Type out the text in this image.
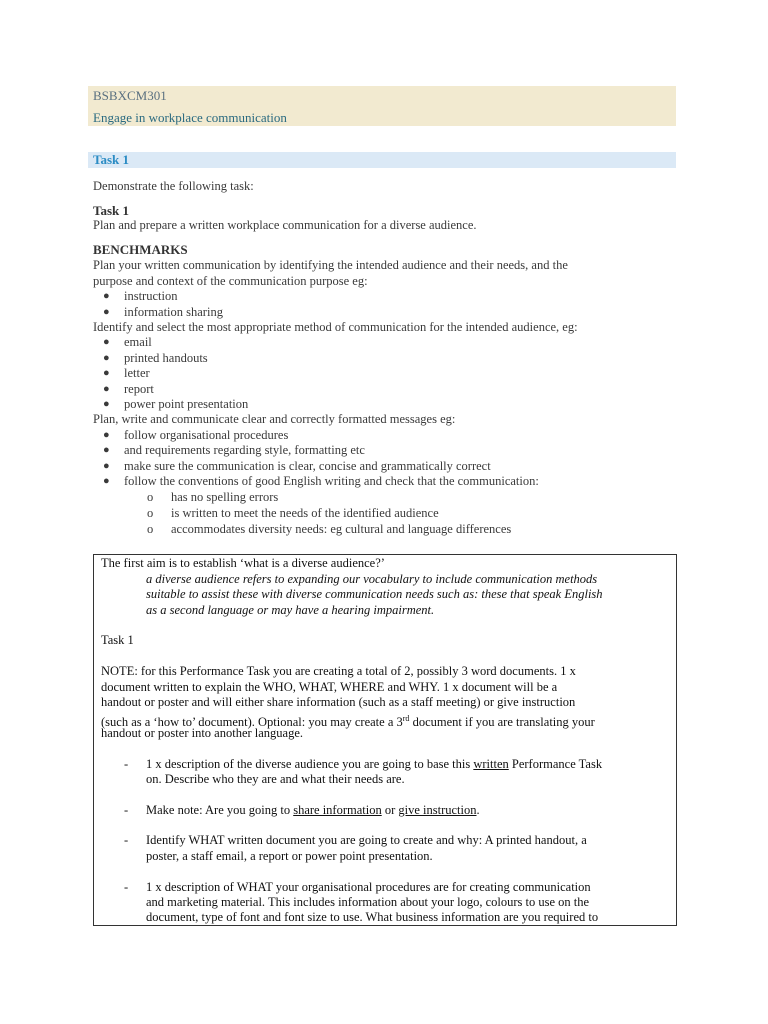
BSBXCM301
Engage in workplace communication
Task 1
Demonstrate the following task:
Task 1
Plan and prepare a written workplace communication for a diverse audience.
BENCHMARKS
Plan your written communication by identifying the intended audience and their needs, and the
purpose and context of the communication purpose eg:
● instruction
● information sharing
Identify and select the most appropriate method of communication for the intended audience, eg:
● email
● printed handouts
● letter
● report
● power point presentation
Plan, write and communicate clear and correctly formatted messages eg:
● follow organisational procedures
● and requirements regarding style, formatting etc
● make sure the communication is clear, concise and grammatically correct
● follow the conventions of good English writing and check that the communication:
o has no spelling errors
o is written to meet the needs of the identified audience
o accommodates diversity needs: eg cultural and language differences
The first aim is to establish ‘what is a diverse audience?’
a diverse audience refers to expanding our vocabulary to include communication methods
suitable to assist these with diverse communication needs such as: these that speak English
as a second language or may have a hearing impairment.
Task 1
NOTE: for this Performance Task you are creating a total of 2, possibly 3 word documents. 1 x
document written to explain the WHO, WHAT, WHERE and WHY. 1 x document will be a
handout or poster and will either share information (such as a staff meeting) or give instruction
(such as a ‘how to’ document). Optional: you may create a 3rd document if you are translating your
handout or poster into another language.
- 1 x description of the diverse audience you are going to base this written Performance Task
on. Describe who they are and what their needs are.
- Make note: Are you going to share information or give instruction.
- Identify WHAT written document you are going to create and why: A printed handout, a
poster, a staff email, a report or power point presentation.
- 1 x description of WHAT your organisational procedures are for creating communication
and marketing material. This includes information about your logo, colours to use on the
document, type of font and font size to use. What business information are you required to
